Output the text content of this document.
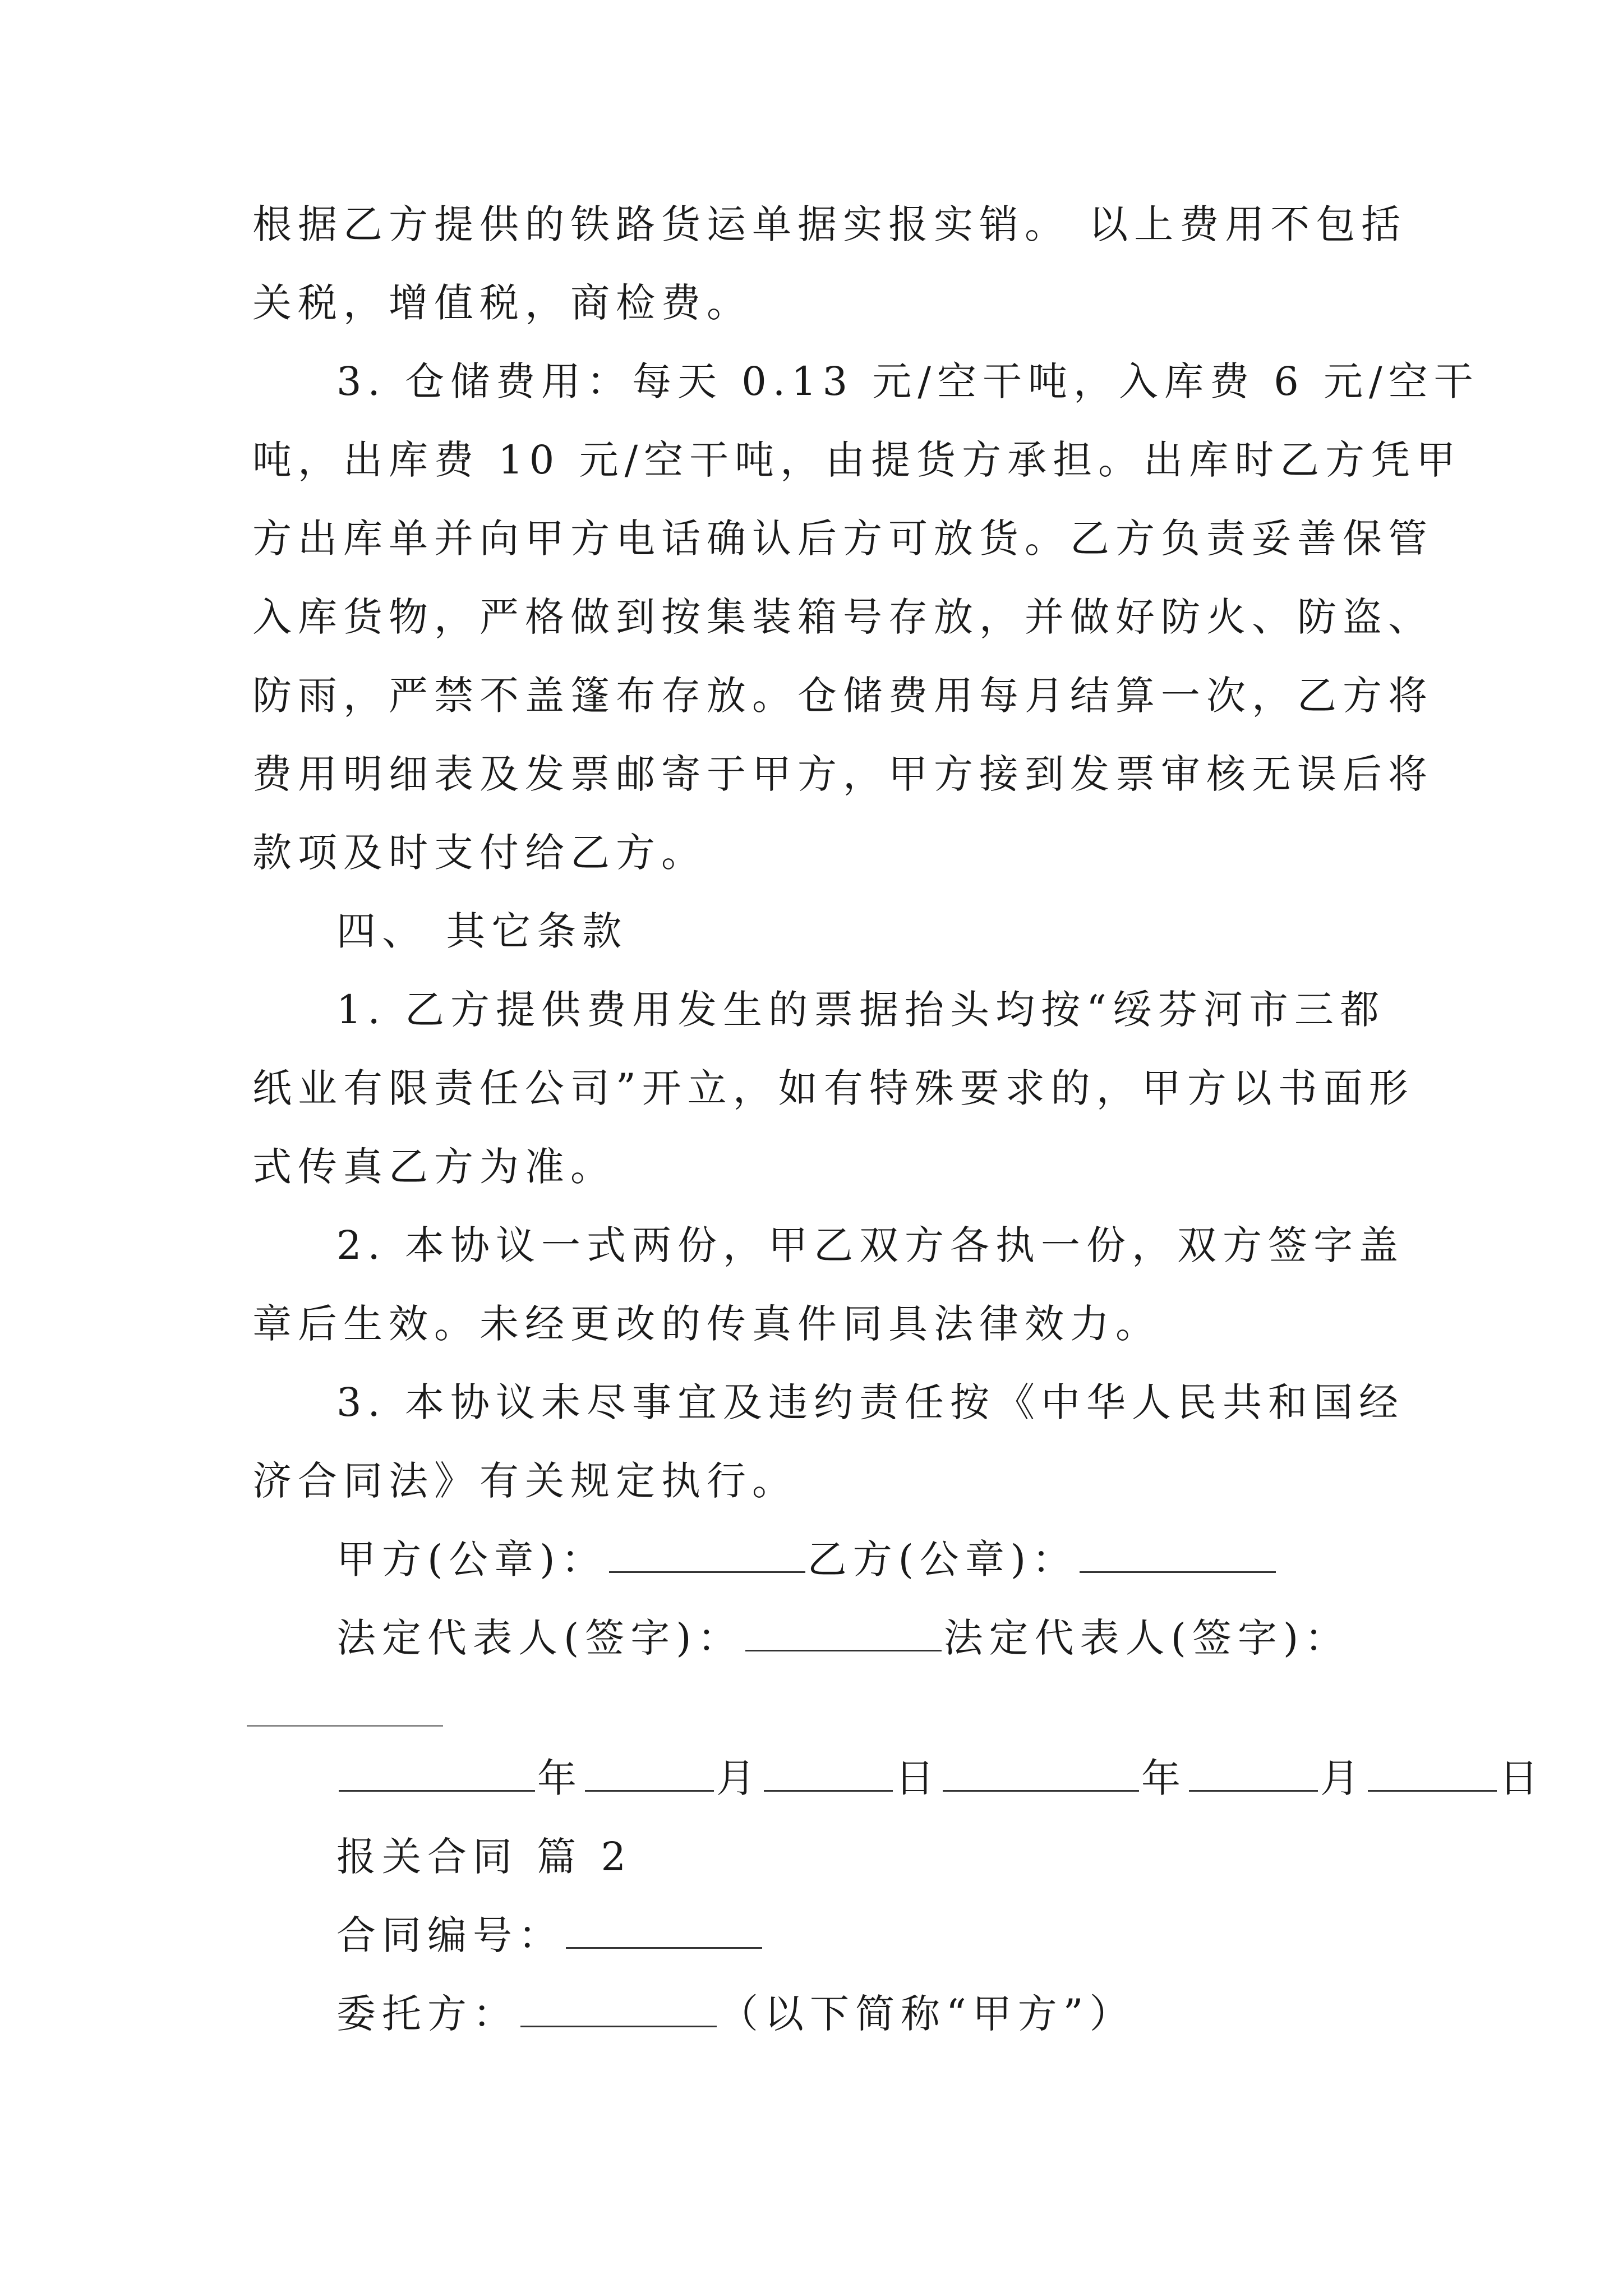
根据乙方提供的铁路货运单据实报实销。 以上费用不包括
关税，增值税，商检费。
3. 仓储费用：每天 0.13 元/空干吨，入库费 6 元/空干
吨，出库费 10 元/空干吨，由提货方承担。出库时乙方凭甲
方出库单并向甲方电话确认后方可放货。乙方负责妥善保管
入库货物，严格做到按集装箱号存放，并做好防火、防盗、
防雨，严禁不盖篷布存放。仓储费用每月结算一次，乙方将
费用明细表及发票邮寄于甲方，甲方接到发票审核无误后将
款项及时支付给乙方。
四、 其它条款
1. 乙方提供费用发生的票据抬头均按“绥芬河市三都
纸业有限责任公司”开立，如有特殊要求的，甲方以书面形
式传真乙方为准。
2. 本协议一式两份，甲乙双方各执一份，双方签字盖
章后生效。未经更改的传真件同具法律效力。
3. 本协议未尽事宜及违约责任按《中华人民共和国经
济合同法》有关规定执行。
甲方(公章)：	乙方(公章)：
法定代表人(签字)：	法定代表人(签字)：
年	月	日	年	月	日
报关合同 篇 2
合同编号：
委托方：	（以下简称“甲方”）
